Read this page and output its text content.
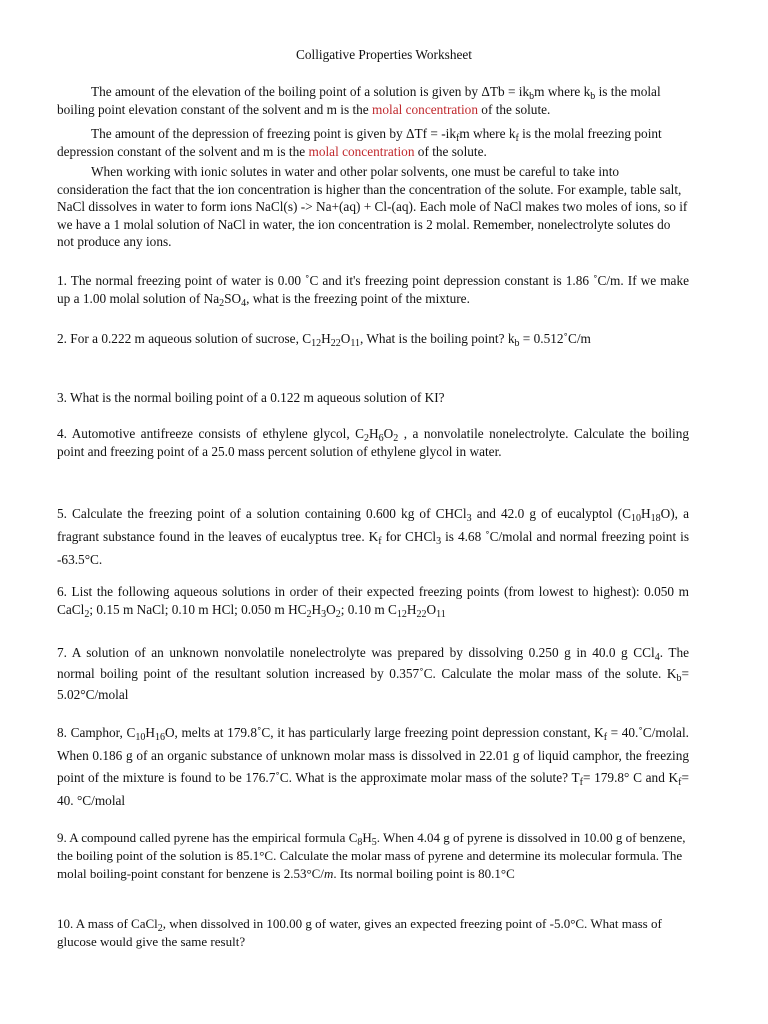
Colligative Properties Worksheet

The amount of the elevation of the boiling point of a solution is given by $\Delta Tb = ik_bm$ where $k_b$ is the molal boiling point elevation constant of the solvent and m is the molal concentration of the solute.

The amount of the depression of freezing point is given by $\Delta Tf = -ik_fm$ where $k_f$ is the molal freezing point depression constant of the solvent and m is the molal concentration of the solute.

When working with ionic solutes in water and other polar solvents, one must be careful to take into consideration the fact that the ion concentration is higher than the concentration of the solute. For example, table salt, NaCl dissolves in water to form ions NaCl(s) -> Na+(aq) + Cl-(aq). Each mole of NaCl makes two moles of ions, so if we have a 1 molal solution of NaCl in water, the ion concentration is 2 molal. Remember, nonelectrolyte solutes do not produce any ions.

1. The normal freezing point of water is 0.00 ˚C and it's freezing point depression constant is 1.86 ˚C/m. If we make up a 1.00 molal solution of $Na_2SO_4$, what is the freezing point of the mixture.

2. For a 0.222 m aqueous solution of sucrose, $C_{12}H_{22}O_{11}$, What is the boiling point? $k_b$ = 0.512˚C/m

3. What is the normal boiling point of a 0.122 m aqueous solution of KI?

4. Automotive antifreeze consists of ethylene glycol, $C_2H_6O_2$ , a nonvolatile nonelectrolyte. Calculate the boiling point and freezing point of a 25.0 mass percent solution of ethylene glycol in water.

5. Calculate the freezing point of a solution containing 0.600 kg of CHCl$_3$ and 42.0 g of eucalyptol $(C_{10}H_{18}O)$, a fragrant substance found in the leaves of eucalyptus tree. $K_f$ for CHCl$_3$ is 4.68 ˚C/molal and normal freezing point is -63.5°C.

6. List the following aqueous solutions in order of their expected freezing points (from lowest to highest): 0.050 m CaCl$_2$; 0.15 m NaCl; 0.10 m HCl; 0.050 m $HC_2H_3O_2$; 0.10 m $C_{12}H_{22}O_{11}$

7. A solution of an unknown nonvolatile nonelectrolyte was prepared by dissolving 0.250 g in 40.0 g CCl$_4$. The normal boiling point of the resultant solution increased by 0.357˚C. Calculate the molar mass of the solute. $K_b=$ 5.02°C/molal

8. Camphor, $C_{10}H_{16}O$, melts at 179.8˚C, it has particularly large freezing point depression constant, $K_f$ = 40.˚C/molal. When 0.186 g of an organic substance of unknown molar mass is dissolved in 22.01 g of liquid camphor, the freezing point of the mixture is found to be 176.7˚C. What is the approximate molar mass of the solute? $T_f= 179.8^\circ$ C and $K_f= 40$. °C/molal

9. A compound called pyrene has the empirical formula $C_8H_5$. When 4.04 g of pyrene is dissolved in 10.00 g of benzene, the boiling point of the solution is 85.1°C. Calculate the molar mass of pyrene and determine its molecular formula. The molal boiling-point constant for benzene is 2.53°C/m. Its normal boiling point is 80.1°C

10. A mass of CaCl$_2$, when dissolved in 100.00 g of water, gives an expected freezing point of -5.0°C. What mass of glucose would give the same result?
